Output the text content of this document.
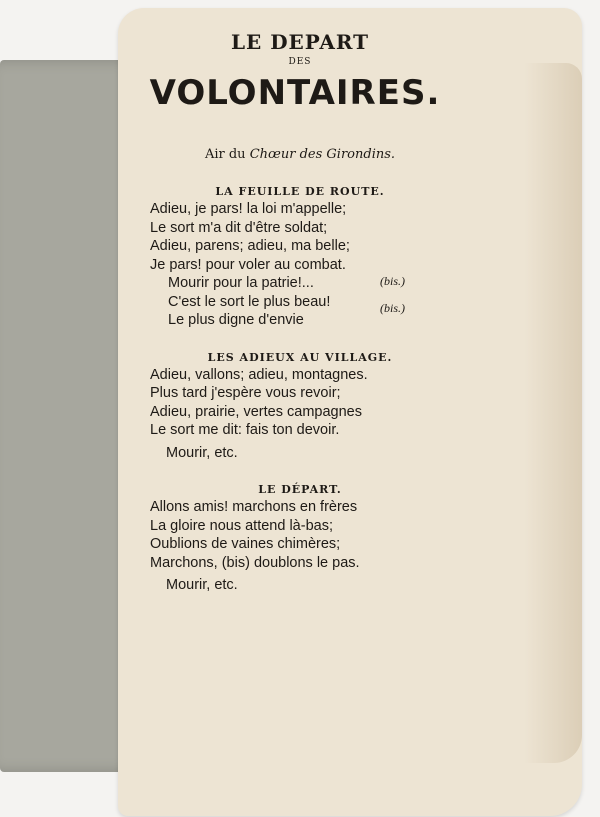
LE DEPART
DES
VOLONTAIRES.
Air du Chœur des Girondins.
LA FEUILLE DE ROUTE.
Adieu, je pars! la loi m'appelle;
Le sort m'a dit d'être soldat;
Adieu, parens; adieu, ma belle;
Je pars! pour voler au combat.
Mourir pour la patrie!...
C'est le sort le plus beau!
Le plus digne d'envie
(bis.)
(bis.)
LES ADIEUX AU VILLAGE.
Adieu, vallons; adieu, montagnes.
Plus tard j'espère vous revoir;
Adieu, prairie, vertes campagnes
Le sort me dit: fais ton devoir.
Mourir, etc.
LE DÉPART.
Allons amis! marchons en frères
La gloire nous attend là-bas;
Oublions de vaines chimères;
Marchons, (bis) doublons le pas.
Mourir, etc.
